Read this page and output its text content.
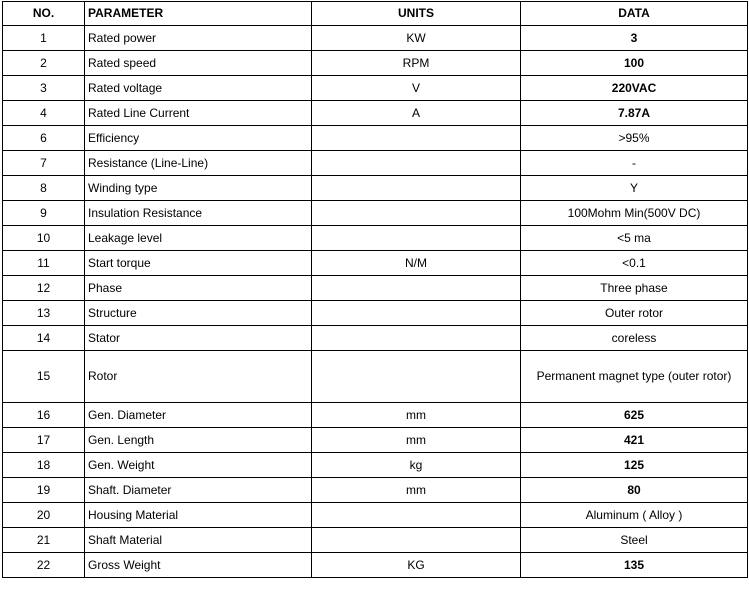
NO.	PARAMETER	UNITS	DATA
1	Rated power	KW	3
2	Rated speed	RPM	100
3	Rated voltage	V	220VAC
4	Rated Line Current	A	7.87A
6	Efficiency		>95%
7	Resistance (Line-Line)		-
8	Winding type		Y
9	Insulation Resistance		100Mohm Min(500V DC)
10	Leakage level		<5 ma
11	Start torque	N/M	<0.1
12	Phase		Three phase
13	Structure		Outer rotor
14	Stator		coreless
15	Rotor		Permanent magnet type (outer rotor)
16	Gen. Diameter	mm	625
17	Gen. Length	mm	421
18	Gen. Weight	kg	125
19	Shaft. Diameter	mm	80
20	Housing Material		Aluminum ( Alloy )
21	Shaft Material		Steel
22	Gross Weight	KG	135
